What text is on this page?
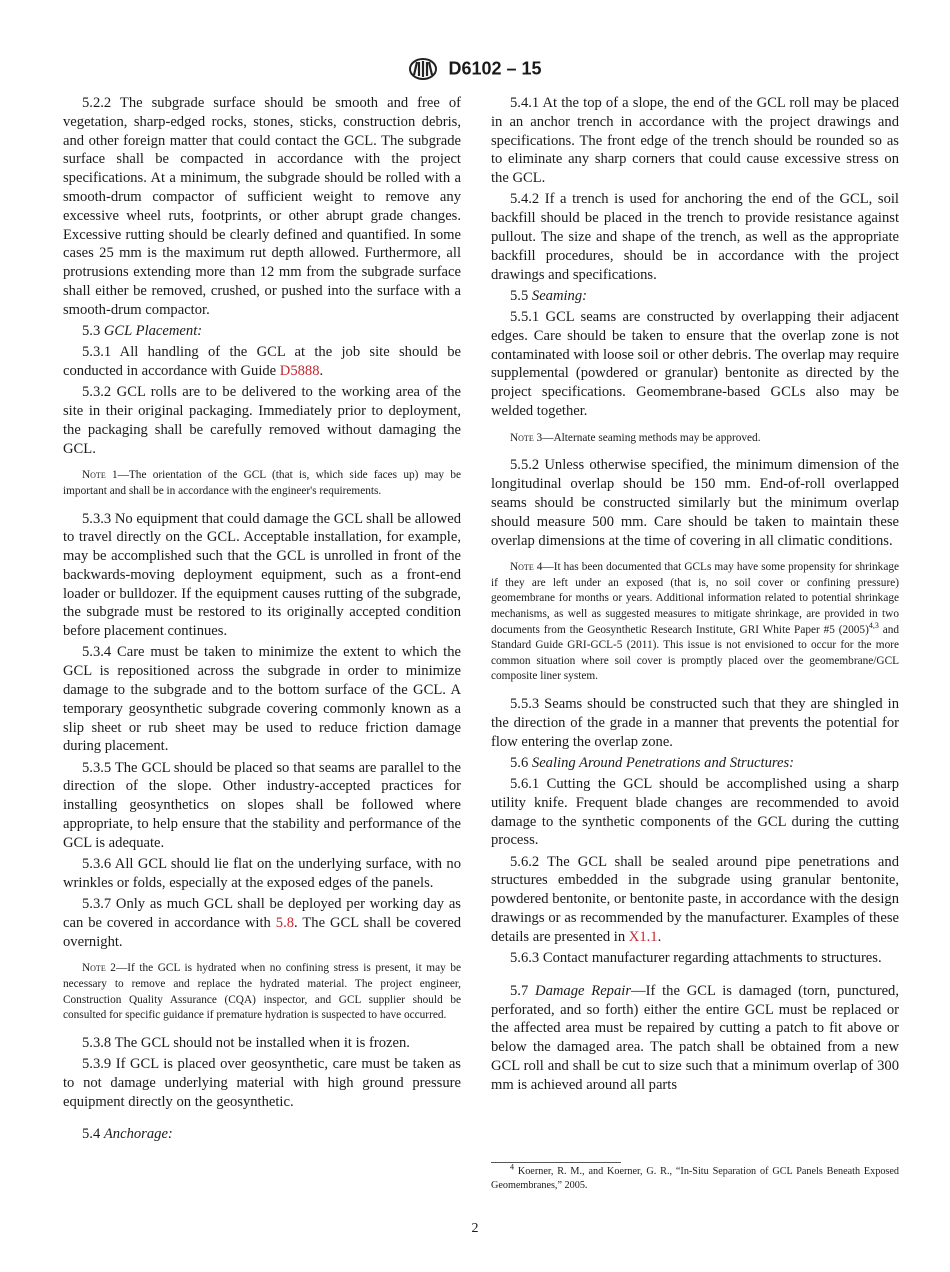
D6102 – 15

5.2.2 The subgrade surface should be smooth and free of vegetation, sharp-edged rocks, stones, sticks, construction debris, and other foreign matter that could contact the GCL. The subgrade surface shall be compacted in accordance with the project specifications. At a minimum, the subgrade should be rolled with a smooth-drum compactor of sufficient weight to remove any excessive wheel ruts, footprints, or other abrupt grade changes. Excessive rutting should be clearly defined and quantified. In some cases 25 mm is the maximum rut depth allowed. Furthermore, all protrusions extending more than 12 mm from the subgrade surface shall either be removed, crushed, or pushed into the surface with a smooth-drum compactor.

5.3 GCL Placement:

5.3.1 All handling of the GCL at the job site should be conducted in accordance with Guide D5888.

5.3.2 GCL rolls are to be delivered to the working area of the site in their original packaging. Immediately prior to deployment, the packaging shall be carefully removed without damaging the GCL.

Note 1—The orientation of the GCL (that is, which side faces up) may be important and shall be in accordance with the engineer's requirements.

5.3.3 No equipment that could damage the GCL shall be allowed to travel directly on the GCL. Acceptable installation, for example, may be accomplished such that the GCL is unrolled in front of the backwards-moving deployment equipment, such as a front-end loader or bulldozer. If the equipment causes rutting of the subgrade, the subgrade must be restored to its originally accepted condition before placement continues.

5.3.4 Care must be taken to minimize the extent to which the GCL is repositioned across the subgrade in order to minimize damage to the subgrade and to the bottom surface of the GCL. A temporary geosynthetic subgrade covering commonly known as a slip sheet or rub sheet may be used to reduce friction damage during placement.

5.3.5 The GCL should be placed so that seams are parallel to the direction of the slope. Other industry-accepted practices for installing geosynthetics on slopes shall be followed where appropriate, to help ensure that the stability and performance of the GCL is adequate.

5.3.6 All GCL should lie flat on the underlying surface, with no wrinkles or folds, especially at the exposed edges of the panels.

5.3.7 Only as much GCL shall be deployed per working day as can be covered in accordance with 5.8. The GCL shall be covered overnight.

Note 2—If the GCL is hydrated when no confining stress is present, it may be necessary to remove and replace the hydrated material. The project engineer, Construction Quality Assurance (CQA) inspector, and GCL supplier should be consulted for specific guidance if premature hydration is suspected to have occurred.

5.3.8 The GCL should not be installed when it is frozen.

5.3.9 If GCL is placed over geosynthetic, care must be taken as to not damage underlying material with high ground pressure equipment directly on the geosynthetic.

5.4 Anchorage:

5.4.1 At the top of a slope, the end of the GCL roll may be placed in an anchor trench in accordance with the project drawings and specifications. The front edge of the trench should be rounded so as to eliminate any sharp corners that could cause excessive stress on the GCL.

5.4.2 If a trench is used for anchoring the end of the GCL, soil backfill should be placed in the trench to provide resistance against pullout. The size and shape of the trench, as well as the appropriate backfill procedures, should be in accordance with the project drawings and specifications.

5.5 Seaming:

5.5.1 GCL seams are constructed by overlapping their adjacent edges. Care should be taken to ensure that the overlap zone is not contaminated with loose soil or other debris. The overlap may require supplemental (powdered or granular) bentonite as directed by the project specifications. Geomembrane-based GCLs also may be welded together.

Note 3—Alternate seaming methods may be approved.

5.5.2 Unless otherwise specified, the minimum dimension of the longitudinal overlap should be 150 mm. End-of-roll overlapped seams should be constructed similarly but the minimum overlap should measure 500 mm. Care should be taken to maintain these overlap dimensions at the time of covering in all climatic conditions.

Note 4—It has been documented that GCLs may have some propensity for shrinkage if they are left under an exposed (that is, no soil cover or confining pressure) geomembrane for months or years. Additional information related to potential shrinkage mechanisms, as well as suggested measures to mitigate shrinkage, are provided in two documents from the Geosynthetic Research Institute, GRI White Paper #5 $(2005)^{4,3}$ and Standard Guide GRI-GCL-5 (2011). This issue is not envisioned to occur for the more common situation where soil cover is promptly placed over the geomembrane/GCL composite liner system.

5.5.3 Seams should be constructed such that they are shingled in the direction of the grade in a manner that prevents the potential for flow entering the overlap zone.

5.6 Sealing Around Penetrations and Structures:

5.6.1 Cutting the GCL should be accomplished using a sharp utility knife. Frequent blade changes are recommended to avoid damage to the synthetic components of the GCL during the cutting process.

5.6.2 The GCL shall be sealed around pipe penetrations and structures embedded in the subgrade using granular bentonite, powdered bentonite, or bentonite paste, in accordance with the design drawings or as recommended by the manufacturer. Examples of these details are presented in X1.1.

5.6.3 Contact manufacturer regarding attachments to structures.

5.7 Damage Repair—If the GCL is damaged (torn, punctured, perforated, and so forth) either the entire GCL must be replaced or the affected area must be repaired by cutting a patch to fit above or below the damaged area. The patch shall be obtained from a new GCL roll and shall be cut to size such that a minimum overlap of 300 mm is achieved around all parts

$^4$ Koerner, R. M., and Koerner, G. R., “In-Situ Separation of GCL Panels Beneath Exposed Geomembranes,” 2005.

2
